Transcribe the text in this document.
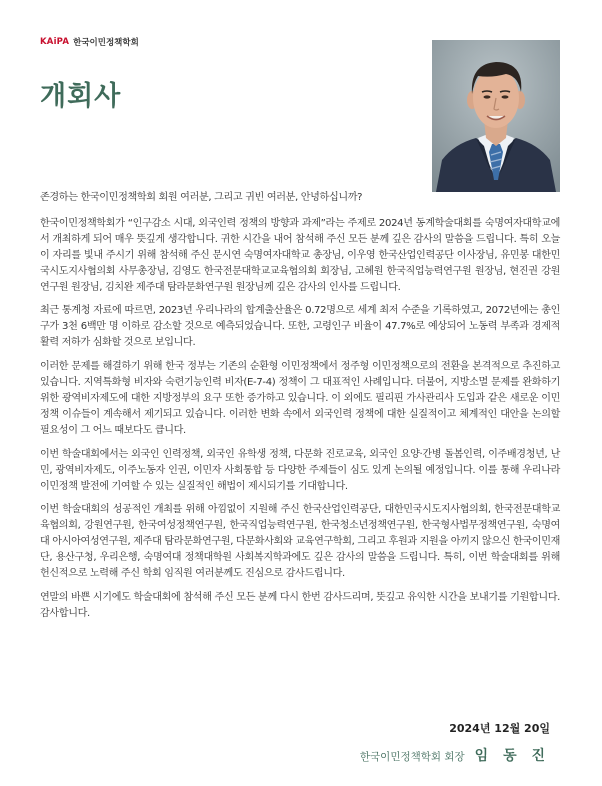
KAiPA 한국이민정책학회
개회사

존경하는 한국이민정책학회 회원 여러분, 그리고 귀빈 여러분, 안녕하십니까?

한국이민정책학회가 “인구감소 시대, 외국인력 정책의 방향과 과제”라는 주제로 2024년 동계학술대회를 숙명여자대학교에서 개최하게 되어 매우 뜻깊게 생각합니다. 귀한 시간을 내어 참석해 주신 모든 분께 깊은 감사의 말씀을 드립니다. 특히 오늘 이 자리를 빛내 주시기 위해 참석해 주신 문시연 숙명여자대학교 총장님, 이우영 한국산업인력공단 이사장님, 유민봉 대한민국시도지사협의회 사무총장님, 김영도 한국전문대학교교육협의회 회장님, 고혜원 한국직업능력연구원 원장님, 현진권 강원연구원 원장님, 김치완 제주대 탐라문화연구원 원장님께 깊은 감사의 인사를 드립니다.

최근 통계청 자료에 따르면, 2023년 우리나라의 합계출산율은 0.72명으로 세계 최저 수준을 기록하였고, 2072년에는 총인구가 3천 6백만 명 이하로 감소할 것으로 예측되었습니다. 또한, 고령인구 비율이 47.7%로 예상되어 노동력 부족과 경제적 활력 저하가 심화할 것으로 보입니다.

이러한 문제를 해결하기 위해 한국 정부는 기존의 순환형 이민정책에서 정주형 이민정책으로의 전환을 본격적으로 추진하고 있습니다. 지역특화형 비자와 숙련기능인력 비자(E-7-4) 정책이 그 대표적인 사례입니다. 더불어, 지방소멸 문제를 완화하기 위한 광역비자제도에 대한 지방정부의 요구 또한 증가하고 있습니다. 이 외에도 필리핀 가사관리사 도입과 같은 새로운 이민정책 이슈들이 계속해서 제기되고 있습니다. 이러한 변화 속에서 외국인력 정책에 대한 실질적이고 체계적인 대안을 논의할 필요성이 그 어느 때보다도 큽니다.

이번 학술대회에서는 외국인 인력정책, 외국인 유학생 정책, 다문화 진로교육, 외국인 요양·간병 돌봄인력, 이주배경청년, 난민, 광역비자제도, 이주노동자 인권, 이민자 사회통합 등 다양한 주제들이 심도 있게 논의될 예정입니다. 이를 통해 우리나라 이민정책 발전에 기여할 수 있는 실질적인 해법이 제시되기를 기대합니다.

이번 학술대회의 성공적인 개최를 위해 아낌없이 지원해 주신 한국산업인력공단, 대한민국시도지사협의회, 한국전문대학교육협의회, 강원연구원, 한국여성정책연구원, 한국직업능력연구원, 한국청소년정책연구원, 한국형사법무정책연구원, 숙명여대 아시아여성연구원, 제주대 탐라문화연구원, 다문화사회와 교육연구학회, 그리고 후원과 지원을 아끼지 않으신 한국이민재단, 용산구청, 우리은행, 숙명여대 정책대학원 사회복지학과에도 깊은 감사의 말씀을 드립니다. 특히, 이번 학술대회를 위해 헌신적으로 노력해 주신 학회 임직원 여러분께도 진심으로 감사드립니다.

연말의 바쁜 시기에도 학술대회에 참석해 주신 모든 분께 다시 한번 감사드리며, 뜻깊고 유익한 시간을 보내기를 기원합니다. 감사합니다.

2024년 12월 20일
한국이민정책학회 회장 임 동 진
